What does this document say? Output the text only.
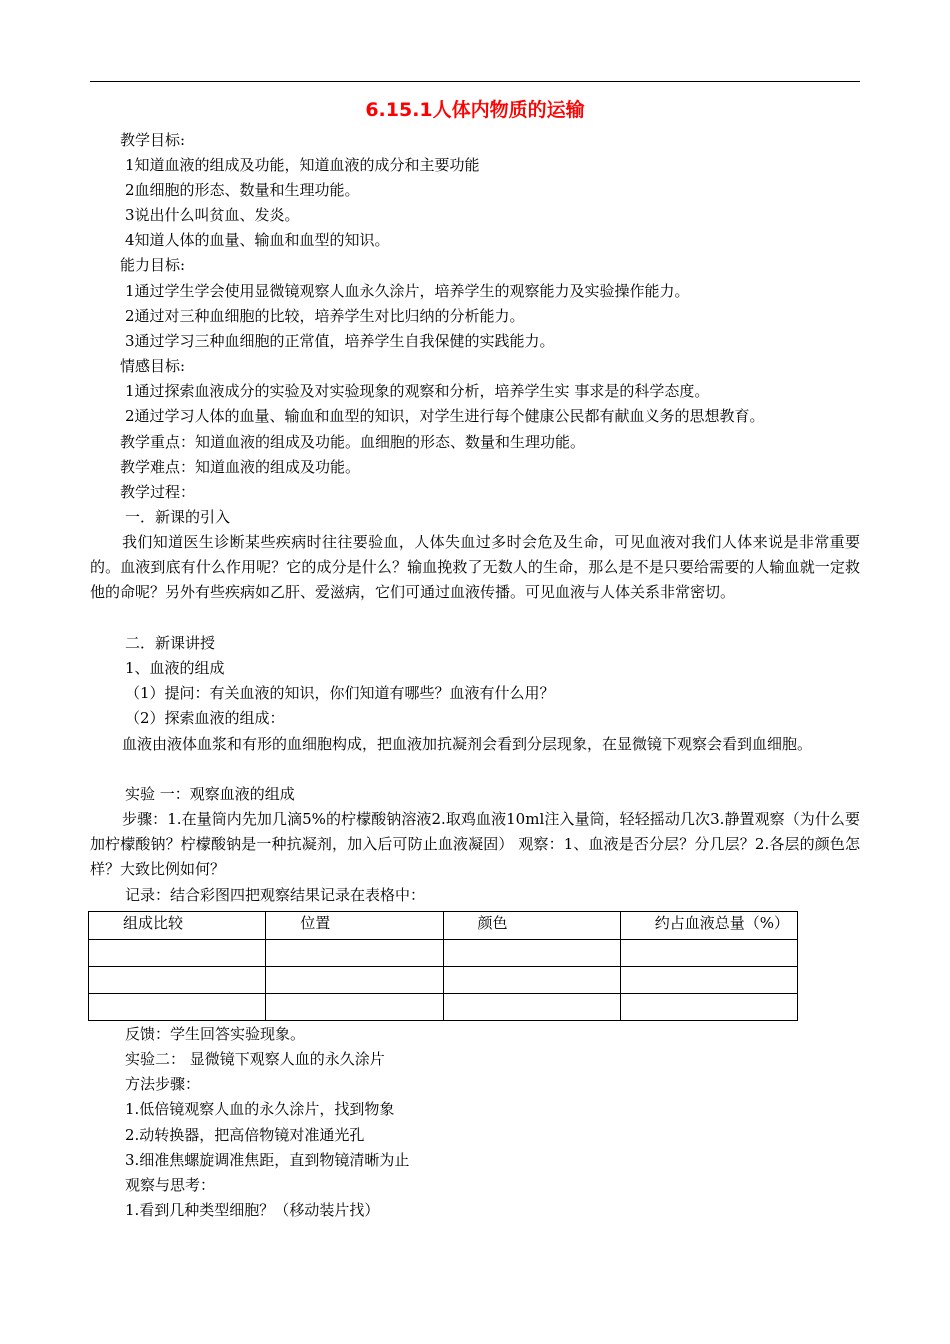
6.15.1人体内物质的运输
教学目标:
1知道血液的组成及功能，知道血液的成分和主要功能
2血细胞的形态、数量和生理功能。
3说出什么叫贫血、发炎。
4知道人体的血量、输血和血型的知识。
能力目标:
1通过学生学会使用显微镜观察人血永久涂片，培养学生的观察能力及实验操作能力。
2通过对三种血细胞的比较，培养学生对比归纳的分析能力。
3通过学习三种血细胞的正常值，培养学生自我保健的实践能力。
情感目标:
1通过探索血液成分的实验及对实验现象的观察和分析，培养学生实 事求是的科学态度。
2通过学习人体的血量、输血和血型的知识，对学生进行每个健康公民都有献血义务的思想教育。
教学重点：知道血液的组成及功能。血细胞的形态、数量和生理功能。
教学难点：知道血液的组成及功能。
教学过程：
一．新课的引入
我们知道医生诊断某些疾病时往往要验血，人体失血过多时会危及生命，可见血液对我们人体来说是非常重要的。血液到底有什么作用呢？它的成分是什么？输血挽救了无数人的生命，那么是不是只要给需要的人输血就一定救他的命呢？另外有些疾病如乙肝、爱滋病，它们可通过血液传播。可见血液与人体关系非常密切。
二．新课讲授
1、血液的组成
（1）提问：有关血液的知识，你们知道有哪些？血液有什么用？
（2）探索血液的组成：
血液由液体血浆和有形的血细胞构成，把血液加抗凝剂会看到分层现象，在显微镜下观察会看到血细胞。
实验 一：观察血液的组成
步骤：1.在量筒内先加几滴5%的柠檬酸钠溶液2.取鸡血液10ml注入量筒，轻轻摇动几次3.静置观察（为什么要加柠檬酸钠？柠檬酸钠是一种抗凝剂，加入后可防止血液凝固） 观察：1、血液是否分层？分几层？2.各层的颜色怎样？大致比例如何？
记录：结合彩图四把观察结果记录在表格中：
组成比较	位置	颜色	约占血液总量（%）

反馈：学生回答实验现象。
实验二： 显微镜下观察人血的永久涂片
方法步骤：
1.低倍镜观察人血的永久涂片，找到物象
2.动转换器，把高倍物镜对准通光孔
3.细准焦螺旋调准焦距，直到物镜清晰为止
观察与思考：
1.看到几种类型细胞？（移动装片找）
